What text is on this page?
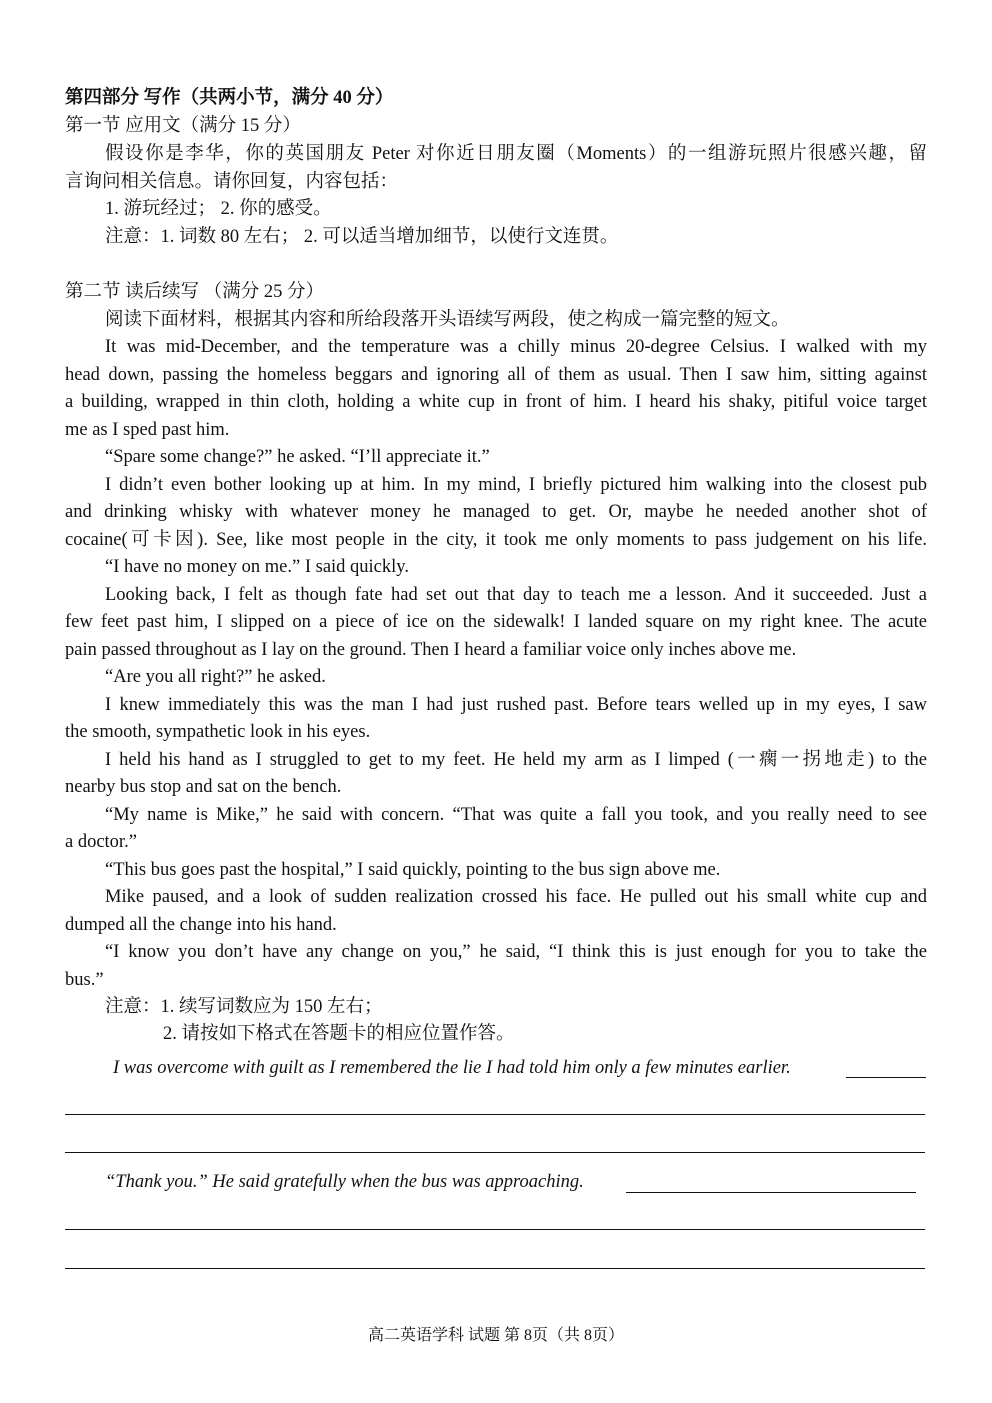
第四部分 写作（共两小节，满分 40 分）
第一节 应用文（满分 15 分）
假设你是李华，你的英国朋友 Peter 对你近日朋友圈（Moments）的一组游玩照片很感兴趣，留
言询问相关信息。请你回复，内容包括：
1. 游玩经过； 2. 你的感受。
注意：1. 词数 80 左右； 2. 可以适当增加细节，以使行文连贯。
第二节 读后续写 （满分 25 分）
阅读下面材料，根据其内容和所给段落开头语续写两段，使之构成一篇完整的短文。
It was mid-December, and the temperature was a chilly minus 20-degree Celsius. I walked with my
head down, passing the homeless beggars and ignoring all of them as usual. Then I saw him, sitting against
a building, wrapped in thin cloth, holding a white cup in front of him. I heard his shaky, pitiful voice target
me as I sped past him.
“Spare some change?” he asked. “I’ll appreciate it.”
I didn’t even bother looking up at him. In my mind, I briefly pictured him walking into the closest pub
and drinking whisky with whatever money he managed to get. Or, maybe he needed another shot of
cocaine(可卡因). See, like most people in the city, it took me only moments to pass judgement on his life.
“I have no money on me.” I said quickly.
Looking back, I felt as though fate had set out that day to teach me a lesson. And it succeeded. Just a
few feet past him, I slipped on a piece of ice on the sidewalk! I landed square on my right knee. The acute
pain passed throughout as I lay on the ground. Then I heard a familiar voice only inches above me.
“Are you all right?” he asked.
I knew immediately this was the man I had just rushed past. Before tears welled up in my eyes, I saw
the smooth, sympathetic look in his eyes.
I held his hand as I struggled to get to my feet. He held my arm as I limped (一瘸一拐地走) to the
nearby bus stop and sat on the bench.
“My name is Mike,” he said with concern. “That was quite a fall you took, and you really need to see
a doctor.”
“This bus goes past the hospital,” I said quickly, pointing to the bus sign above me.
Mike paused, and a look of sudden realization crossed his face. He pulled out his small white cup and
dumped all the change into his hand.
“I know you don’t have any change on you,” he said, “I think this is just enough for you to take the
bus.”
注意：1. 续写词数应为 150 左右；
2. 请按如下格式在答题卡的相应位置作答。
I was overcome with guilt as I remembered the lie I had told him only a few minutes earlier.
“Thank you.” He said gratefully when the bus was approaching.
高二英语学科 试题 第 8页（共 8页）
